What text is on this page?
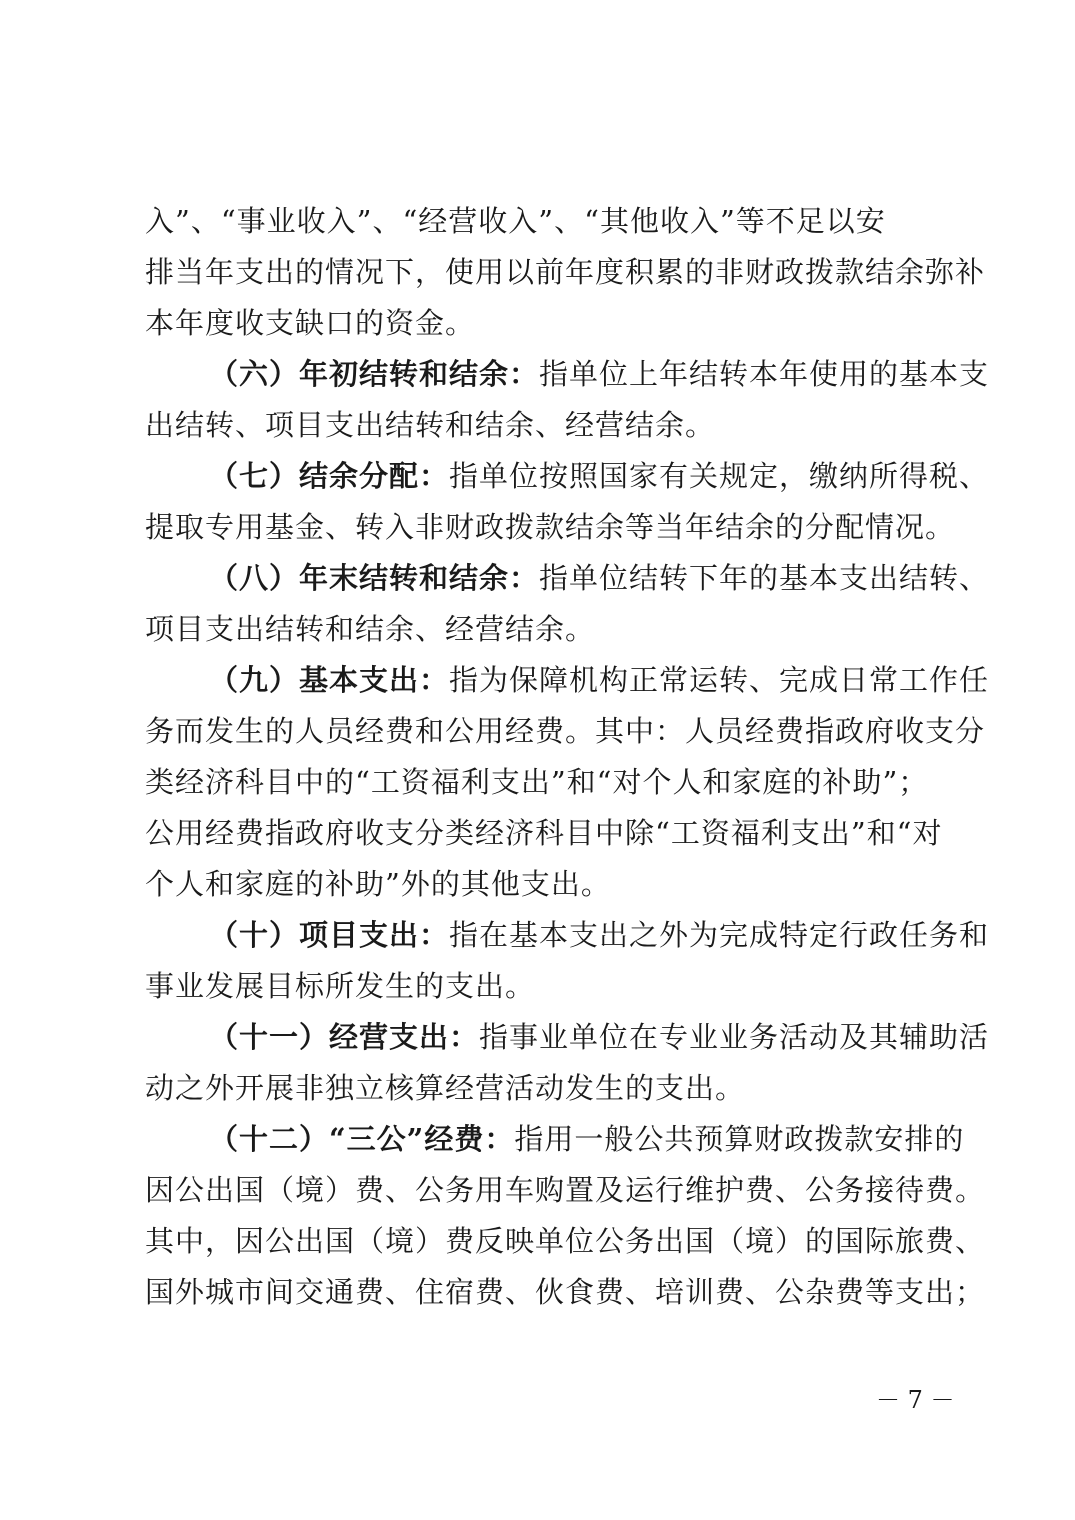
入”、“事业收入”、“经营收入”、“其他收入”等不足以安
排当年支出的情况下，使用以前年度积累的非财政拨款结余弥补
本年度收支缺口的资金。
（六）年初结转和结余：指单位上年结转本年使用的基本支
出结转、项目支出结转和结余、经营结余。
（七）结余分配：指单位按照国家有关规定，缴纳所得税、
提取专用基金、转入非财政拨款结余等当年结余的分配情况。
（八）年末结转和结余：指单位结转下年的基本支出结转、
项目支出结转和结余、经营结余。
（九）基本支出：指为保障机构正常运转、完成日常工作任
务而发生的人员经费和公用经费。其中：人员经费指政府收支分
类经济科目中的“工资福利支出”和“对个人和家庭的补助”；
公用经费指政府收支分类经济科目中除“工资福利支出”和“对
个人和家庭的补助”外的其他支出。
（十）项目支出：指在基本支出之外为完成特定行政任务和
事业发展目标所发生的支出。
（十一）经营支出：指事业单位在专业业务活动及其辅助活
动之外开展非独立核算经营活动发生的支出。
（十二）“三公”经费：指用一般公共预算财政拨款安排的
因公出国（境）费、公务用车购置及运行维护费、公务接待费。
其中，因公出国（境）费反映单位公务出国（境）的国际旅费、
国外城市间交通费、住宿费、伙食费、培训费、公杂费等支出；
－ 7 －
